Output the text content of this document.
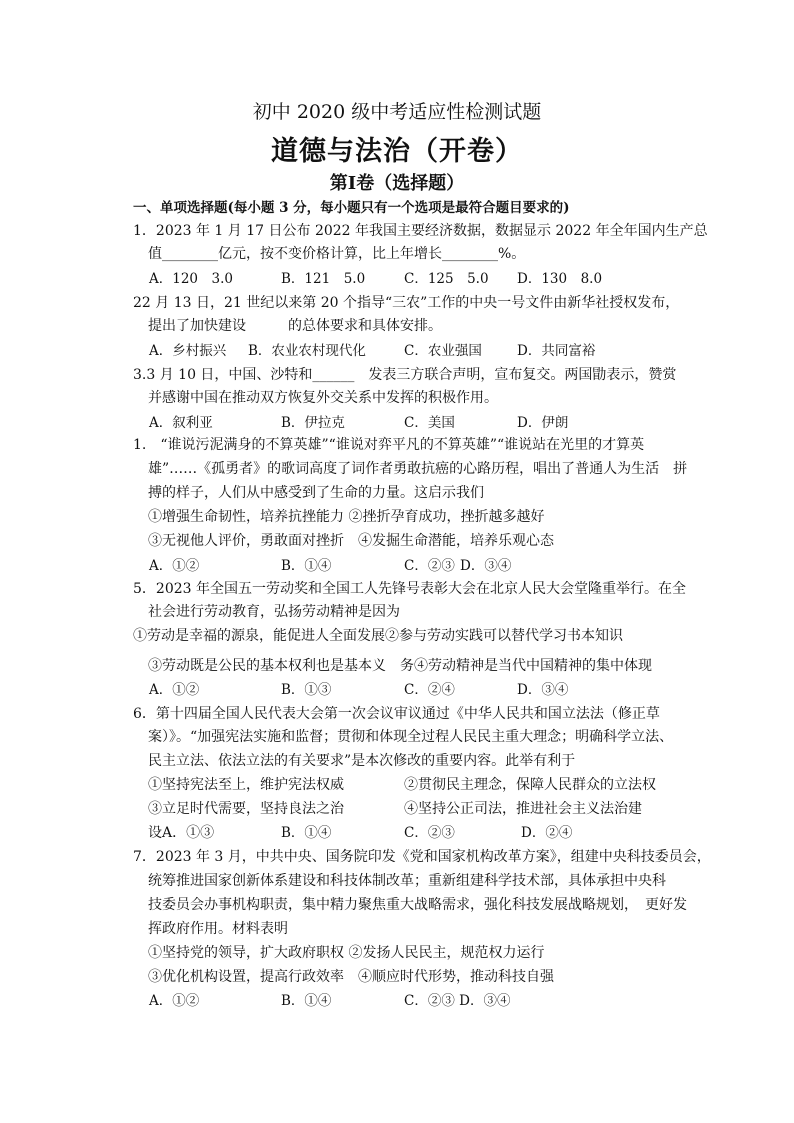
初中 2020 级中考适应性检测试题
道德与法治（开卷）
第Ⅰ卷（选择题）
一、单项选择题(每小题 3 分，每小题只有一个选项是最符合题目要求的)
1．2023 年 1 月 17 日公布 2022 年我国主要经济数据，数据显示 2022 年全年国内生产总
值________亿元，按不变价格计算，比上年增长________%。
A．120　3.0	B．121　5.0	C．125　5.0 D．130　8.0
22 月 13 日，21 世纪以来第 20 个指导“三农”工作的中央一号文件由新华社授权发布，
提出了加快建设　　　的总体要求和具体安排。
A．乡村振兴 B．农业农村现代化	C．农业强国	D．共同富裕
3.3 月 10 日，中国、沙特和______　发表三方联合声明，宣布复交。两国勖表示，赞赏
并感谢中国在推动双方恢复外交关系中发挥的积极作用。
A．叙利亚	B．伊拉克	C．美国	D．伊朗
1.　“谁说污泥满身的不算英雄”“谁说对弈平凡的不算英雄”“谁说站在光里的才算英
雄”……《孤勇者》的歌词高度了词作者勇敢抗癌的心路历程，唱出了普通人为生活　拼
搏的样子，人们从中感受到了生命的力量。这启示我们
①增强生命韧性，培养抗挫能力 ②挫折孕育成功，挫折越多越好
③无视他人评价，勇敢面对挫折　④发掘生命潜能，培养乐观心态
A．①②	B．①④	C．②③ D．③④
5．2023 年全国五一劳动奖和全国工人先锋号表彰大会在北京人民大会堂隆重举行。在全
社会进行劳动教育，弘扬劳动精神是因为
①劳动是幸福的源泉，能促进人全面发展②参与劳动实践可以替代学习书本知识
③劳动既是公民的基本权利也是基本义　务④劳动精神是当代中国精神的集中体现
A．①②	B．①③	C．②④	D．③④
6．第十四届全国人民代表大会第一次会议审议通过《中华人民共和国立法法（修正草
案）》。“加强宪法实施和监督；贯彻和体现全过程人民民主重大理念；明确科学立法、
民主立法、依法立法的有关要求”是本次修改的重要内容。此举有利于
①坚持宪法至上，维护宪法权威	②贯彻民主理念，保障人民群众的立法权
③立足时代需要，坚持良法之治	④坚持公正司法，推进社会主义法治建
设A．①③	B．①④	C．②③	D．②④
7．2023 年 3 月，中共中央、国务院印发《党和国家机构改革方案》，组建中央科技委员会，
统筹推进国家创新体系建设和科技体制改革；重新组建科学技术部，具体承担中央科
技委员会办事机构职责，集中精力聚焦重大战略需求，强化科技发展战略规划，　更好发
挥政府作用。材料表明
①坚持党的领导，扩大政府职权 ②发扬人民民主，规范权力运行
③优化机构设置，提高行政效率　④顺应时代形势，推动科技自强
A．①②	B．①④	C．②③ D．③④
